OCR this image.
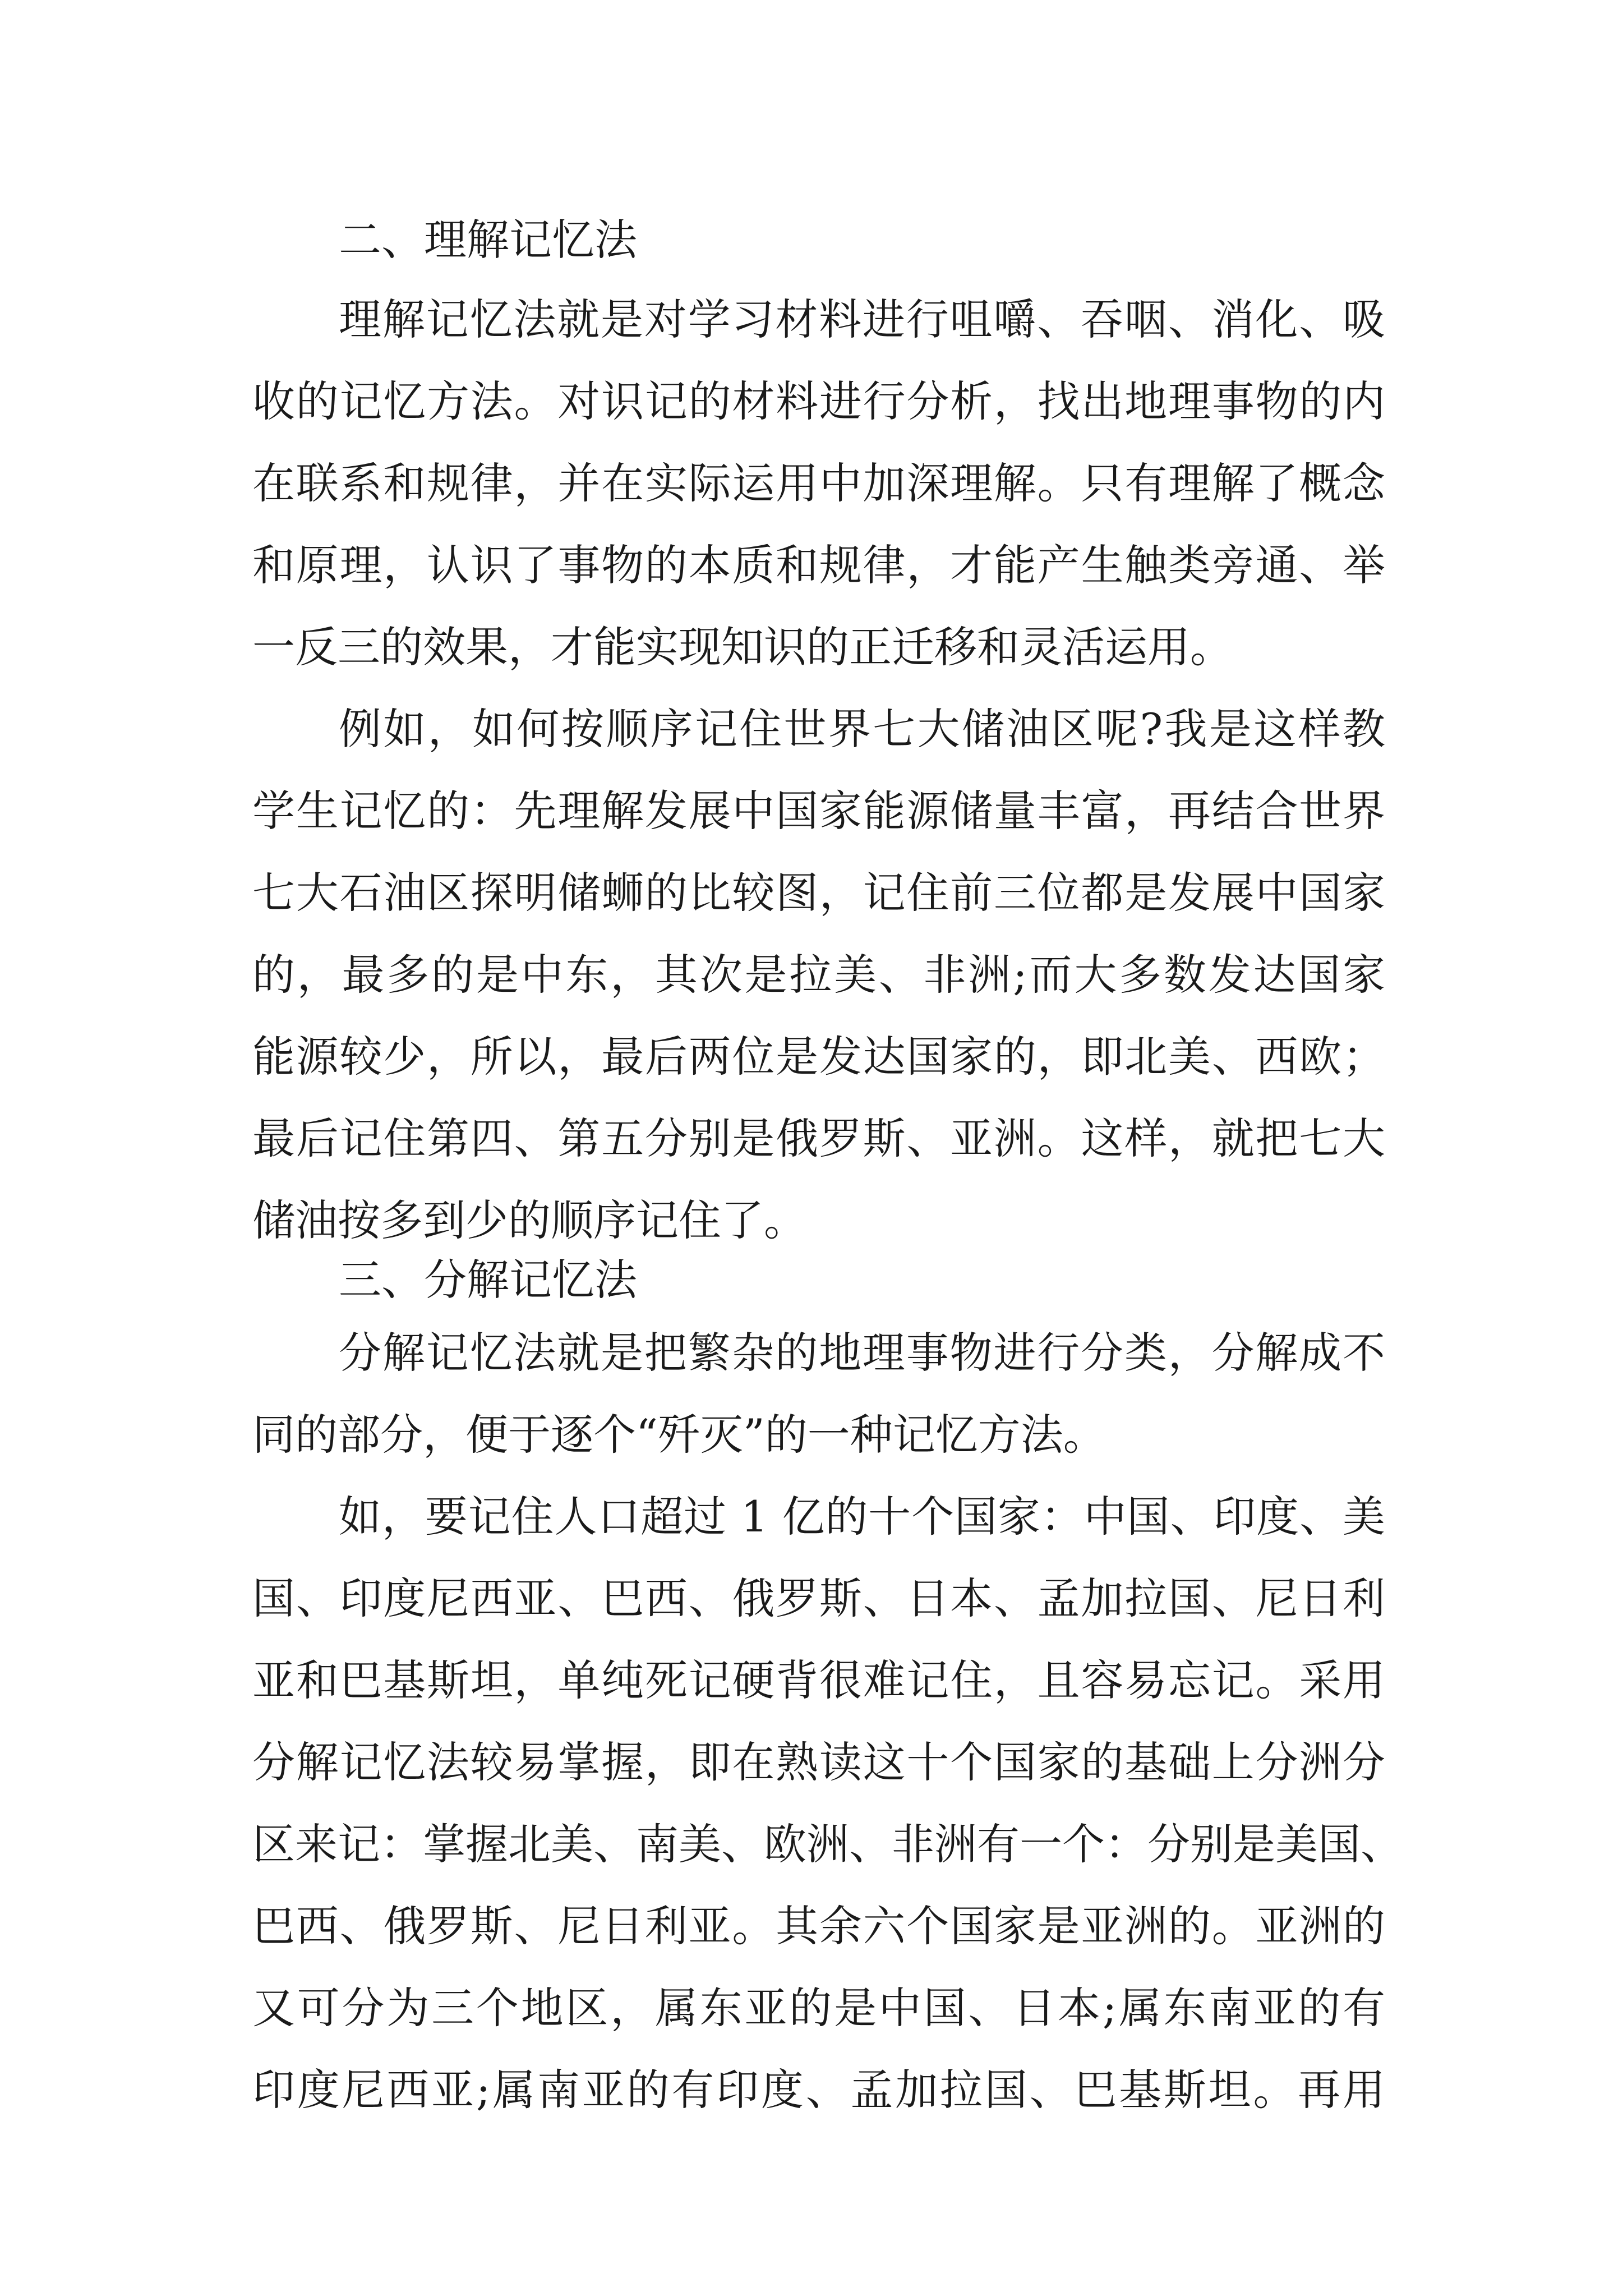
二、理解记忆法
理解记忆法就是对学习材料进行咀嚼、吞咽、消化、吸
收的记忆方法。对识记的材料进行分析，找出地理事物的内
在联系和规律，并在实际运用中加深理解。只有理解了概念
和原理，认识了事物的本质和规律，才能产生触类旁通、举
一反三的效果，才能实现知识的正迁移和灵活运用。
例如，如何按顺序记住世界七大储油区呢?我是这样教
学生记忆的：先理解发展中国家能源储量丰富，再结合世界
七大石油区探明储蛳的比较图，记住前三位都是发展中国家
的，最多的是中东，其次是拉美、非洲;而大多数发达国家
能源较少，所以，最后两位是发达国家的，即北美、西欧；
最后记住第四、第五分别是俄罗斯、亚洲。这样，就把七大
储油按多到少的顺序记住了。
三、分解记忆法
分解记忆法就是把繁杂的地理事物进行分类，分解成不
同的部分，便于逐个“歼灭”的一种记忆方法。
如，要记住人口超过 1 亿的十个国家：中国、印度、美
国、印度尼西亚、巴西、俄罗斯、日本、孟加拉国、尼日利
亚和巴基斯坦，单纯死记硬背很难记住，且容易忘记。采用
分解记忆法较易掌握，即在熟读这十个国家的基础上分洲分
区来记：掌握北美、南美、欧洲、非洲有一个：分别是美国、
巴西、俄罗斯、尼日利亚。其余六个国家是亚洲的。亚洲的
又可分为三个地区，属东亚的是中国、日本;属东南亚的有
印度尼西亚;属南亚的有印度、孟加拉国、巴基斯坦。再用
